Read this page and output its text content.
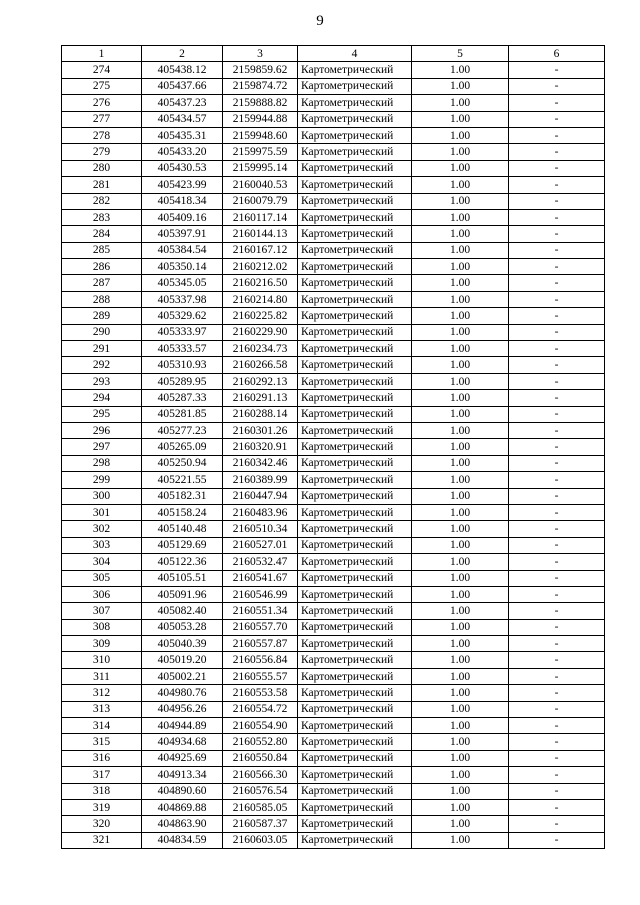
9
1	2	3	4	5	6
274	405438.12	2159859.62	Картометрический	1.00	-
275	405437.66	2159874.72	Картометрический	1.00	-
276	405437.23	2159888.82	Картометрический	1.00	-
277	405434.57	2159944.88	Картометрический	1.00	-
278	405435.31	2159948.60	Картометрический	1.00	-
279	405433.20	2159975.59	Картометрический	1.00	-
280	405430.53	2159995.14	Картометрический	1.00	-
281	405423.99	2160040.53	Картометрический	1.00	-
282	405418.34	2160079.79	Картометрический	1.00	-
283	405409.16	2160117.14	Картометрический	1.00	-
284	405397.91	2160144.13	Картометрический	1.00	-
285	405384.54	2160167.12	Картометрический	1.00	-
286	405350.14	2160212.02	Картометрический	1.00	-
287	405345.05	2160216.50	Картометрический	1.00	-
288	405337.98	2160214.80	Картометрический	1.00	-
289	405329.62	2160225.82	Картометрический	1.00	-
290	405333.97	2160229.90	Картометрический	1.00	-
291	405333.57	2160234.73	Картометрический	1.00	-
292	405310.93	2160266.58	Картометрический	1.00	-
293	405289.95	2160292.13	Картометрический	1.00	-
294	405287.33	2160291.13	Картометрический	1.00	-
295	405281.85	2160288.14	Картометрический	1.00	-
296	405277.23	2160301.26	Картометрический	1.00	-
297	405265.09	2160320.91	Картометрический	1.00	-
298	405250.94	2160342.46	Картометрический	1.00	-
299	405221.55	2160389.99	Картометрический	1.00	-
300	405182.31	2160447.94	Картометрический	1.00	-
301	405158.24	2160483.96	Картометрический	1.00	-
302	405140.48	2160510.34	Картометрический	1.00	-
303	405129.69	2160527.01	Картометрический	1.00	-
304	405122.36	2160532.47	Картометрический	1.00	-
305	405105.51	2160541.67	Картометрический	1.00	-
306	405091.96	2160546.99	Картометрический	1.00	-
307	405082.40	2160551.34	Картометрический	1.00	-
308	405053.28	2160557.70	Картометрический	1.00	-
309	405040.39	2160557.87	Картометрический	1.00	-
310	405019.20	2160556.84	Картометрический	1.00	-
311	405002.21	2160555.57	Картометрический	1.00	-
312	404980.76	2160553.58	Картометрический	1.00	-
313	404956.26	2160554.72	Картометрический	1.00	-
314	404944.89	2160554.90	Картометрический	1.00	-
315	404934.68	2160552.80	Картометрический	1.00	-
316	404925.69	2160550.84	Картометрический	1.00	-
317	404913.34	2160566.30	Картометрический	1.00	-
318	404890.60	2160576.54	Картометрический	1.00	-
319	404869.88	2160585.05	Картометрический	1.00	-
320	404863.90	2160587.37	Картометрический	1.00	-
321	404834.59	2160603.05	Картометрический	1.00	-
